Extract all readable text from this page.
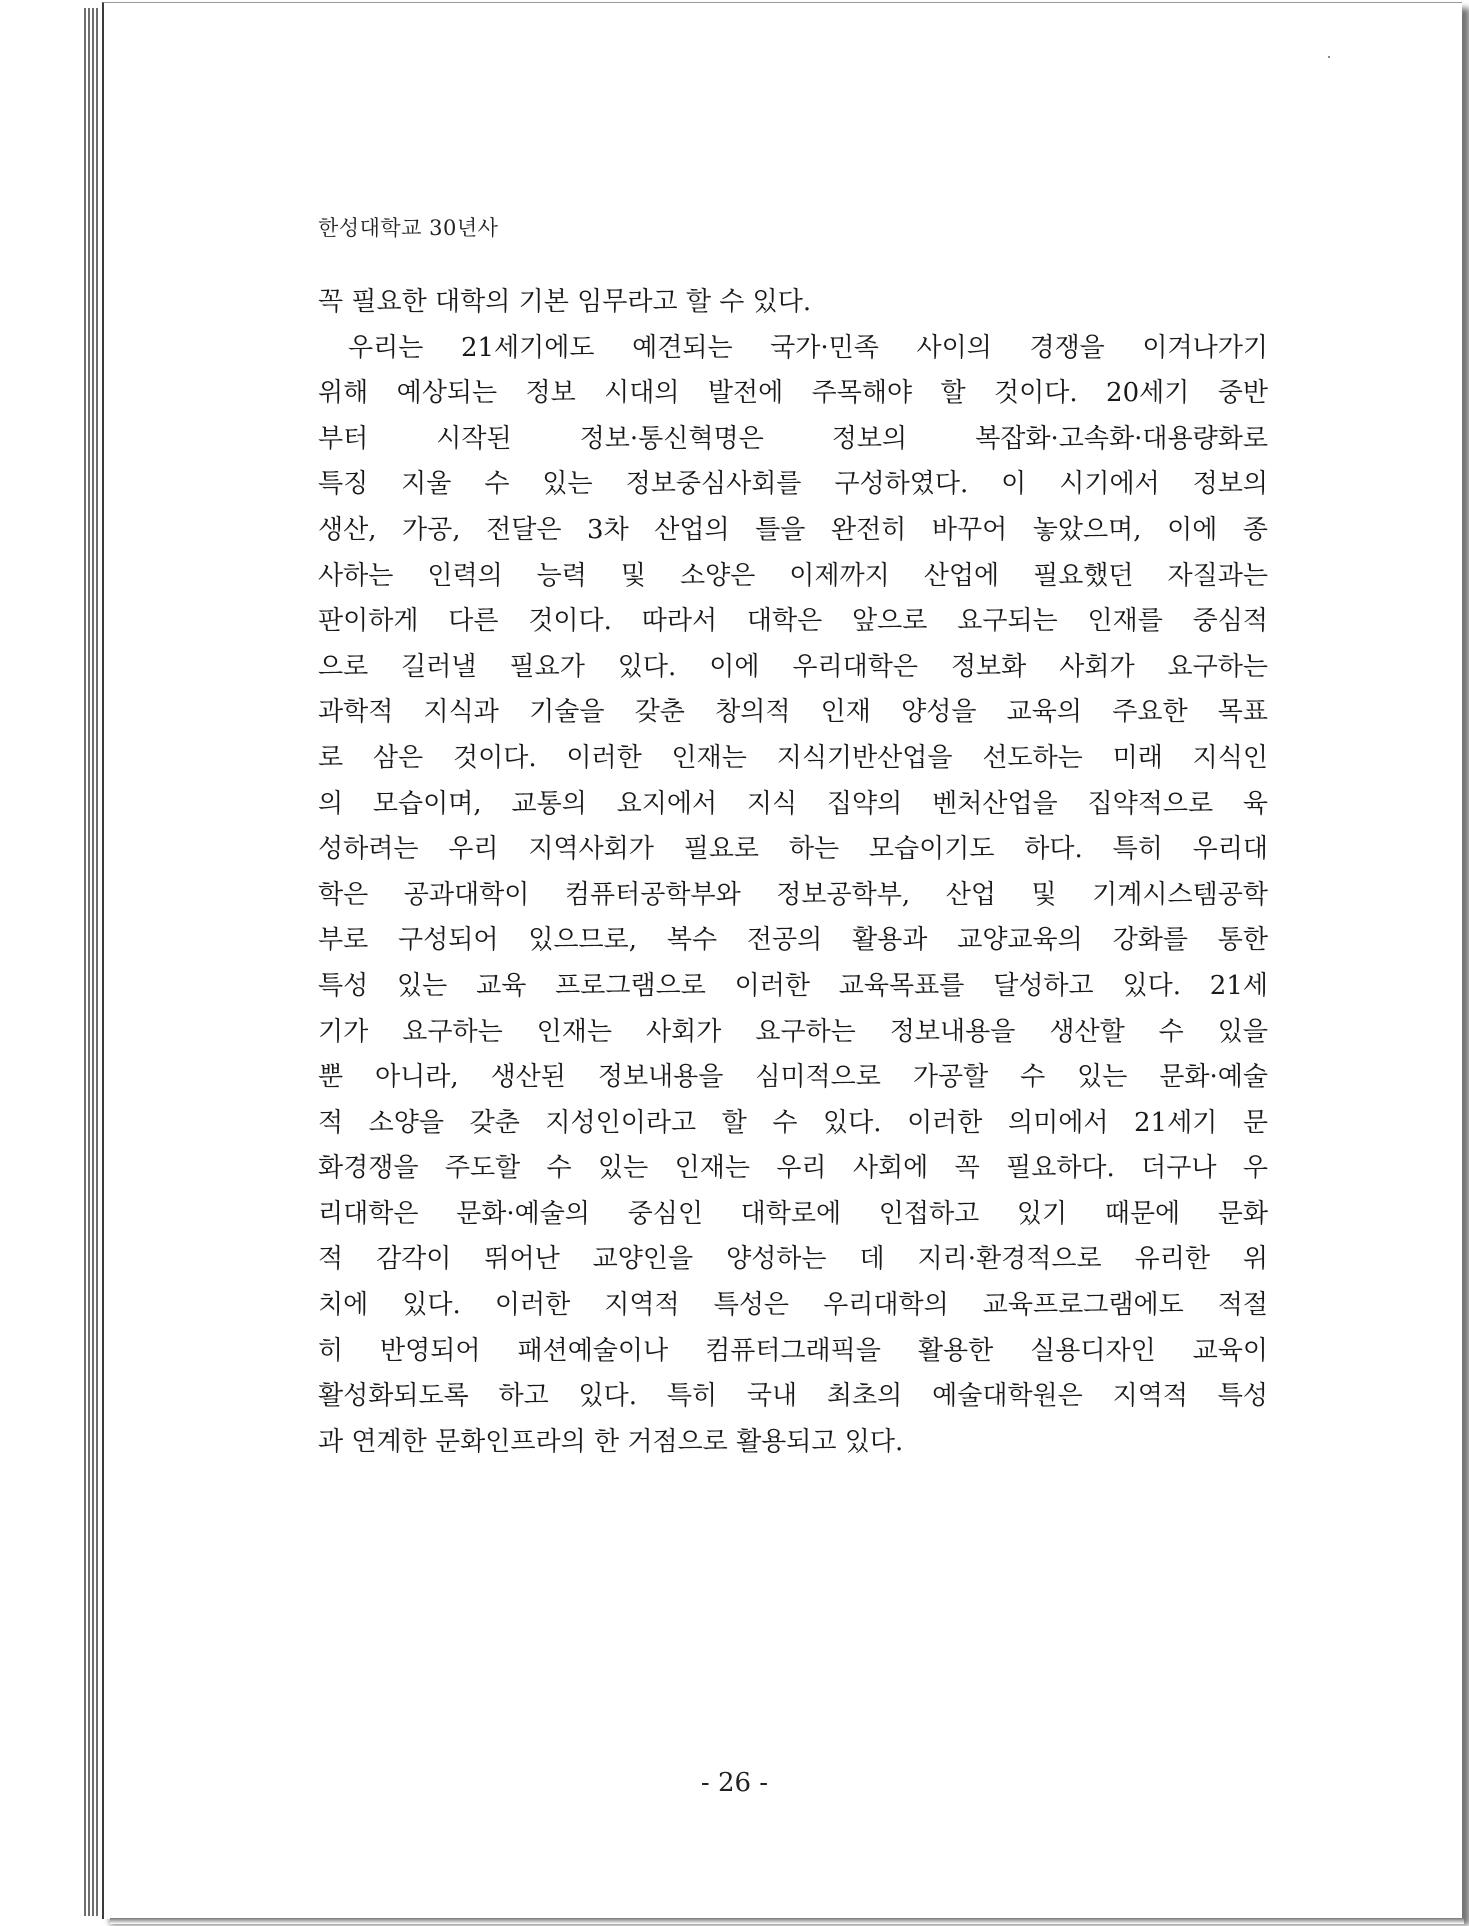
한성대학교 30년사
꼭 필요한 대학의 기본 임무라고 할 수 있다.
우리는 21세기에도 예견되는 국가·민족 사이의 경쟁을 이겨나가기
위해 예상되는 정보 시대의 발전에 주목해야 할 것이다. 20세기 중반
부터 시작된 정보·통신혁명은 정보의 복잡화·고속화·대용량화로
특징 지울 수 있는 정보중심사회를 구성하였다. 이 시기에서 정보의
생산, 가공, 전달은 3차 산업의 틀을 완전히 바꾸어 놓았으며, 이에 종
사하는 인력의 능력 및 소양은 이제까지 산업에 필요했던 자질과는
판이하게 다른 것이다. 따라서 대학은 앞으로 요구되는 인재를 중심적
으로 길러낼 필요가 있다. 이에 우리대학은 정보화 사회가 요구하는
과학적 지식과 기술을 갖춘 창의적 인재 양성을 교육의 주요한 목표
로 삼은 것이다. 이러한 인재는 지식기반산업을 선도하는 미래 지식인
의 모습이며, 교통의 요지에서 지식 집약의 벤처산업을 집약적으로 육
성하려는 우리 지역사회가 필요로 하는 모습이기도 하다. 특히 우리대
학은 공과대학이 컴퓨터공학부와 정보공학부, 산업 및 기계시스템공학
부로 구성되어 있으므로, 복수 전공의 활용과 교양교육의 강화를 통한
특성 있는 교육 프로그램으로 이러한 교육목표를 달성하고 있다. 21세
기가 요구하는 인재는 사회가 요구하는 정보내용을 생산할 수 있을
뿐 아니라, 생산된 정보내용을 심미적으로 가공할 수 있는 문화·예술
적 소양을 갖춘 지성인이라고 할 수 있다. 이러한 의미에서 21세기 문
화경쟁을 주도할 수 있는 인재는 우리 사회에 꼭 필요하다. 더구나 우
리대학은 문화·예술의 중심인 대학로에 인접하고 있기 때문에 문화
적 감각이 뛰어난 교양인을 양성하는 데 지리·환경적으로 유리한 위
치에 있다. 이러한 지역적 특성은 우리대학의 교육프로그램에도 적절
히 반영되어 패션예술이나 컴퓨터그래픽을 활용한 실용디자인 교육이
활성화되도록 하고 있다. 특히 국내 최초의 예술대학원은 지역적 특성
과 연계한 문화인프라의 한 거점으로 활용되고 있다.
- 26 -
